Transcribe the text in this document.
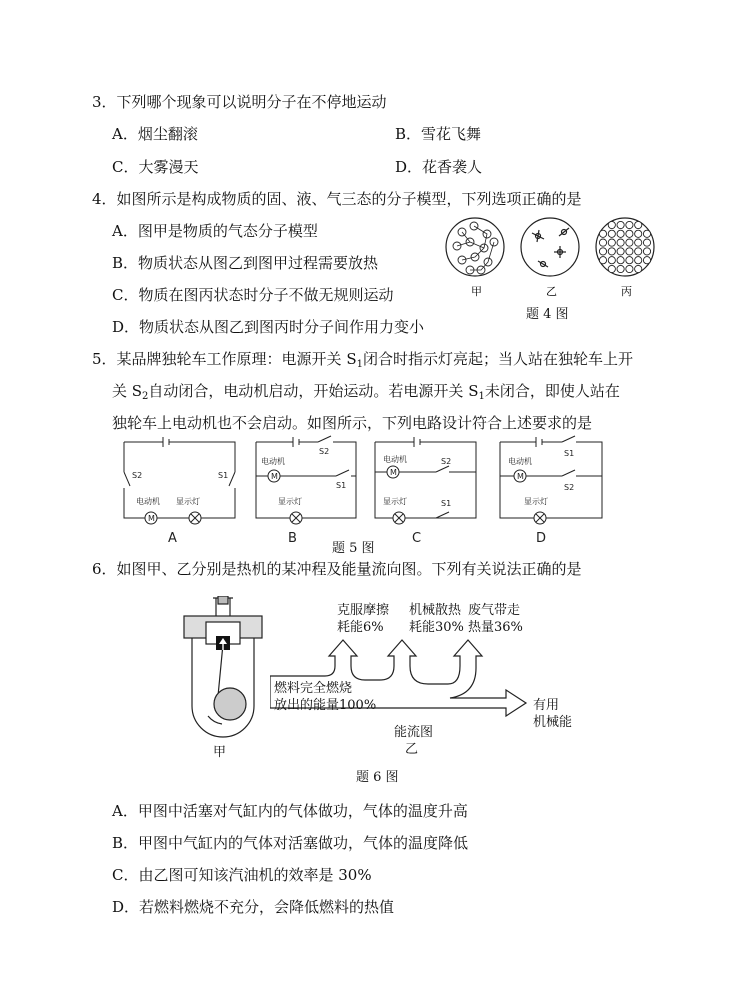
3．下列哪个现象可以说明分子在不停地运动
A．烟尘翻滚	B．雪花飞舞
C．大雾漫天	D．花香袭人
4．如图所示是构成物质的固、液、气三态的分子模型，下列选项正确的是
A．图甲是物质的气态分子模型
B．物质状态从图乙到图甲过程需要放热
C．物质在图丙状态时分子不做无规则运动
D．物质状态从图乙到图丙时分子间作用力变小
甲	乙	丙
题 4 图
5．某品牌独轮车工作原理：电源开关 $S_1$闭合时指示灯亮起；当人站在独轮车上开
关 $S_2$自动闭合，电动机启动，开始运动。若电源开关 $S_1$未闭合，即使人站在
独轮车上电动机也不会启动。如图所示，下列电路设计符合上述要求的是
S2	S1
电动机 显示灯
M
S2
S1
电动机
显示灯
M
电动机	S2
显示灯	S1
M
S1
电动机
S2
显示灯
M
A	B	C	D
题 5 图
6．如图甲、乙分别是热机的某冲程及能量流向图。下列有关说法正确的是
甲
克服摩擦
耗能6%
机械散热
耗能30%
废气带走
热量36%
燃料完全燃烧
放出的能量100%	有用
机械能
能流图
乙
题 6 图
A．甲图中活塞对气缸内的气体做功，气体的温度升高
B．甲图中气缸内的气体对活塞做功，气体的温度降低
C．由乙图可知该汽油机的效率是 30%
D．若燃料燃烧不充分，会降低燃料的热值
